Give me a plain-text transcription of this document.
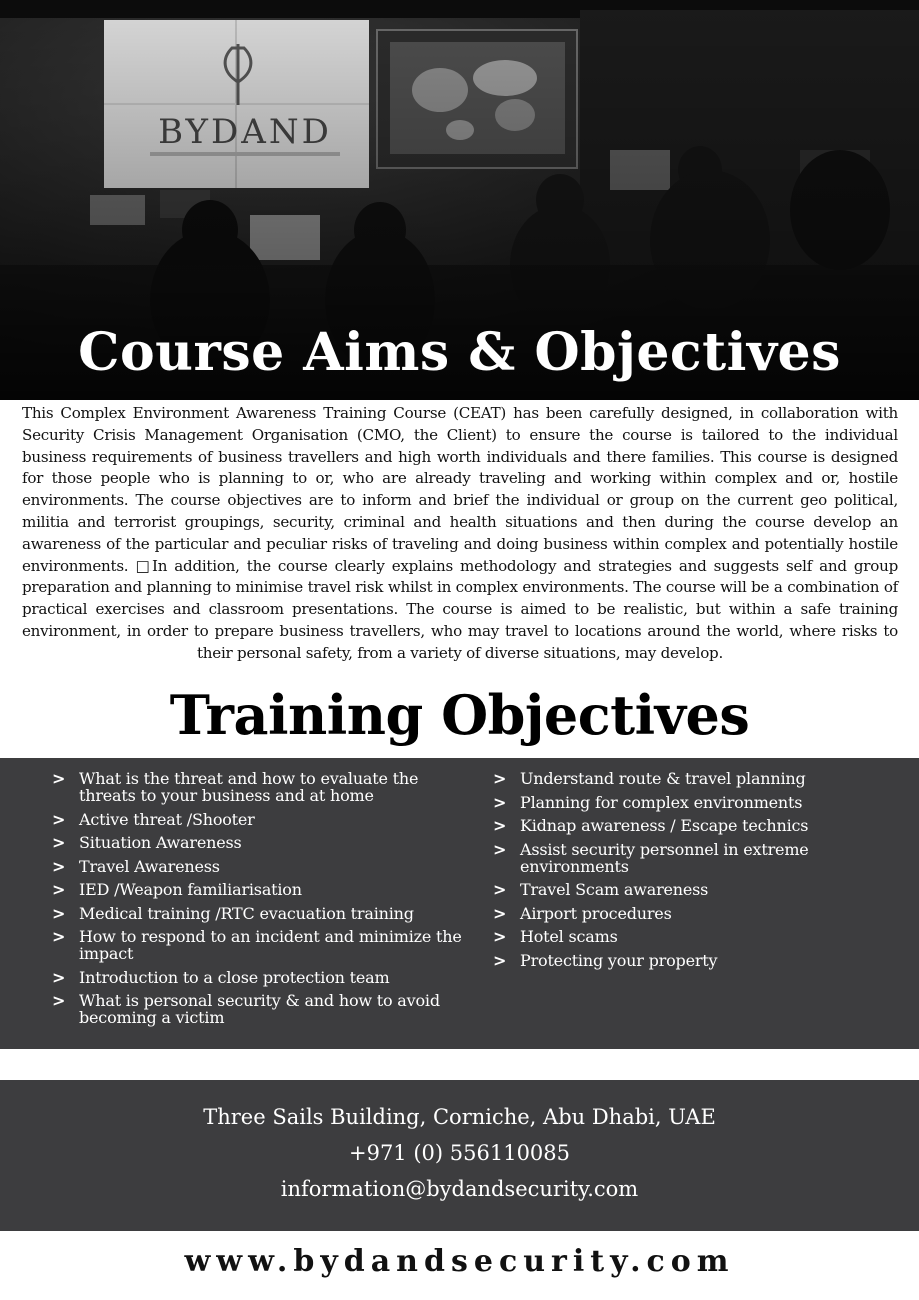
Course Aims & Objectives

This Complex Environment Awareness Training Course (CEAT) has been carefully designed, in collaboration with Security Crisis Management Organisation (CMO, the Client) to ensure the course is tailored to the individual business requirements of business travellers and high worth individuals and there families. This course is designed for those people who is planning to or, who are already traveling and working within complex and or, hostile environments. The course objectives are to inform and brief the individual or group on the current geo political, militia and terrorist groupings, security, criminal and health situations and then during the course develop an awareness of the particular and peculiar risks of traveling and doing business within complex and potentially hostile environments. □In addition, the course clearly explains methodology and strategies and suggests self and group preparation and planning to minimise travel risk whilst in complex environments. The course will be a combination of practical exercises and classroom presentations. The course is aimed to be realistic, but within a safe training environment, in order to prepare business travellers, who may travel to locations around the world, where risks to their personal safety, from a variety of diverse situations, may develop.

Training Objectives
> What is the threat and how to evaluate the threats to your business and at home
> Active threat /Shooter
> Situation Awareness
> Travel Awareness
> IED /Weapon familiarisation
> Medical training /RTC evacuation training
> How to respond to an incident and minimize the impact
> Introduction to a close protection team
> What is personal security & and how to avoid becoming a victim
> Understand route & travel planning
> Planning for complex environments
> Kidnap awareness / Escape technics
> Assist security personnel in extreme environments
> Travel Scam awareness
> Airport procedures
> Hotel scams
> Protecting your property
Three Sails Building, Corniche, Abu Dhabi, UAE
+971 (0) 556110085
information@bydandsecurity.com
www.bydandsecurity.com
